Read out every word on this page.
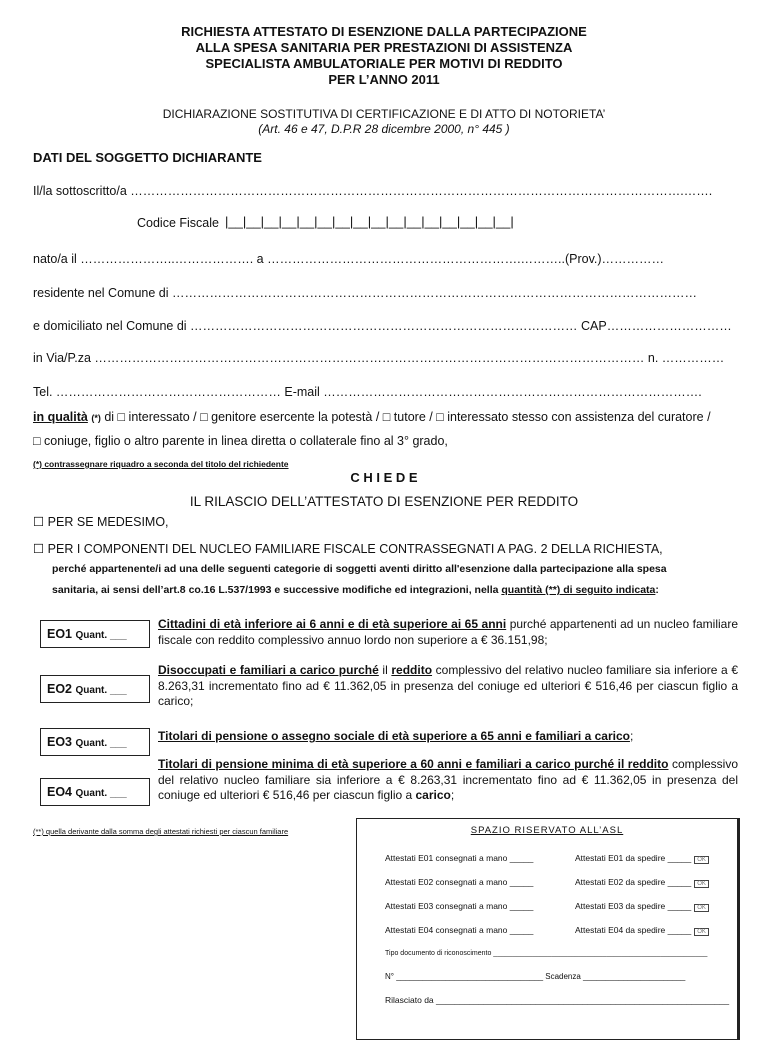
RICHIESTA ATTESTATO DI ESENZIONE DALLA PARTECIPAZIONE
ALLA SPESA SANITARIA PER PRESTAZIONI DI ASSISTENZA
SPECIALISTA AMBULATORIALE PER MOTIVI DI REDDITO
PER L’ANNO 2011
DICHIARAZIONE SOSTITUTIVA DI CERTIFICAZIONE E DI ATTO DI NOTORIETA’
(Art. 46 e 47, D.P.R 28 dicembre 2000, n° 445 )
DATI DEL SOGGETTO DICHIARANTE
Il/la sottoscritto/a …………………………………………………………………………………………………………………….…….
Codice Fiscale |__|__|__|__|__|__|__|__|__|__|__|__|__|__|__|__|
nato/a il …………………..………………. a …………………………………………………….………..(Prov.)……………
residente nel Comune di ………………………………………………………………………………………………………………
e domiciliato nel Comune di ………………………………………………………………………………… CAP…………………………
in Via/P.za …………………………………………………………………………………………………………………… n. ……………
Tel. ……………………………………………… E-mail ……………………………………………………………………………….
in qualità (*) di □ interessato / □ genitore esercente la potestà / □ tutore / □ interessato stesso con assistenza del curatore /
□ coniuge, figlio o altro parente in linea diretta o collaterale fino al 3° grado,
(*) contrassegnare riquadro a seconda del titolo del richiedente
C H I E D E
IL RILASCIO DELL’ATTESTATO DI ESENZIONE PER REDDITO
☐ PER SE MEDESIMO,
☐ PER I COMPONENTI DEL NUCLEO FAMILIARE FISCALE CONTRASSEGNATI A PAG. 2 DELLA RICHIESTA,
perché appartenente/i ad una delle seguenti categorie di soggetti aventi diritto all'esenzione dalla partecipazione alla spesa
sanitaria, ai sensi dell’art.8 co.16 L.537/1993 e successive modifiche ed integrazioni, nella quantità (**) di seguito indicata:
EO1 Quant. ___
Cittadini di età inferiore ai 6 anni e di età superiore ai 65 anni purché appartenenti ad un nucleo familiare fiscale con reddito complessivo annuo lordo non superiore a € 36.151,98;
EO2 Quant. ___
Disoccupati e familiari a carico purché il reddito complessivo del relativo nucleo familiare sia inferiore a € 8.263,31 incrementato fino ad € 11.362,05 in presenza del coniuge ed ulteriori € 516,46 per ciascun figlio a carico;
EO3 Quant. ___
Titolari di pensione o assegno sociale di età superiore a 65 anni e familiari a carico;
EO4 Quant. ___
Titolari di pensione minima di età superiore a 60 anni e familiari a carico purché il reddito complessivo del relativo nucleo familiare sia inferiore a € 8.263,31 incrementato fino ad € 11.362,05 in presenza del coniuge ed ulteriori € 516,46 per ciascun figlio a carico;
(**) quella derivante dalla somma degli attestati richiesti per ciascun familiare	SPAZIO RISERVATO ALL’ASL
Attestati E01 consegnati a mano _____	Attestati E01 da spedire _____ OK
Attestati E02 consegnati a mano _____	Attestati E02 da spedire _____ OK
Attestati E03 consegnati a mano _____	Attestati E03 da spedire _____ OK
Attestati E04 consegnati a mano _____	Attestati E04 da spedire _____ OK
Tipo documento di riconoscimento _______________________________________________________
N° _________________________________ Scadenza _______________________
Rilasciato da ______________________________________________________________
